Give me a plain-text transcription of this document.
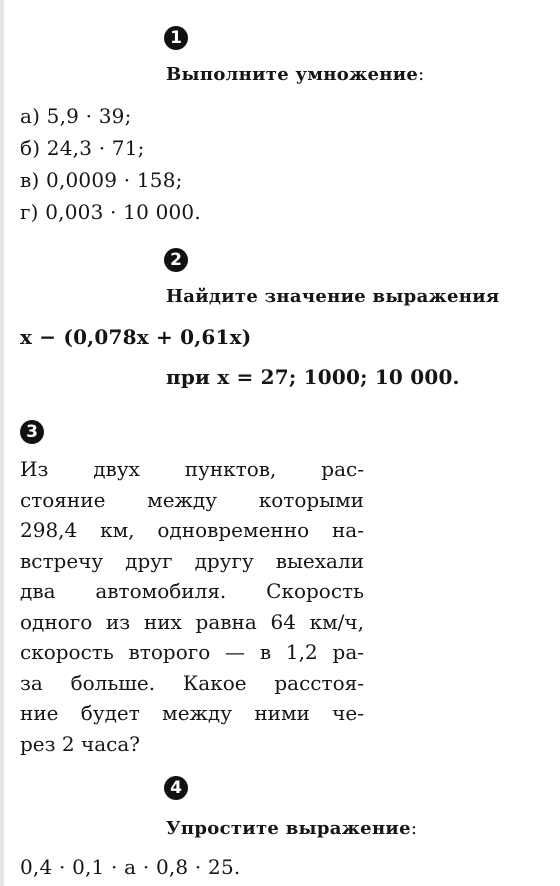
1
Выполните умножение:
а) 5,9 · 39;
б) 24,3 · 71;
в) 0,0009 · 158;
г) 0,003 · 10 000.
2
Найдите значение выражения
x − (0,078x + 0,61x)
при x = 27; 1000; 10 000.
3
Из двух пунктов, рас-
стояние между которыми
298,4 км, одновременно на-
встречу друг другу выехали
два автомобиля. Скорость
одного из них равна 64 км/ч,
скорость второго — в 1,2 ра-
за больше. Какое расстоя-
ние будет между ними че-
рез 2 часа?
4
Упростите выражение:
0,4 · 0,1 · a · 0,8 · 25.
